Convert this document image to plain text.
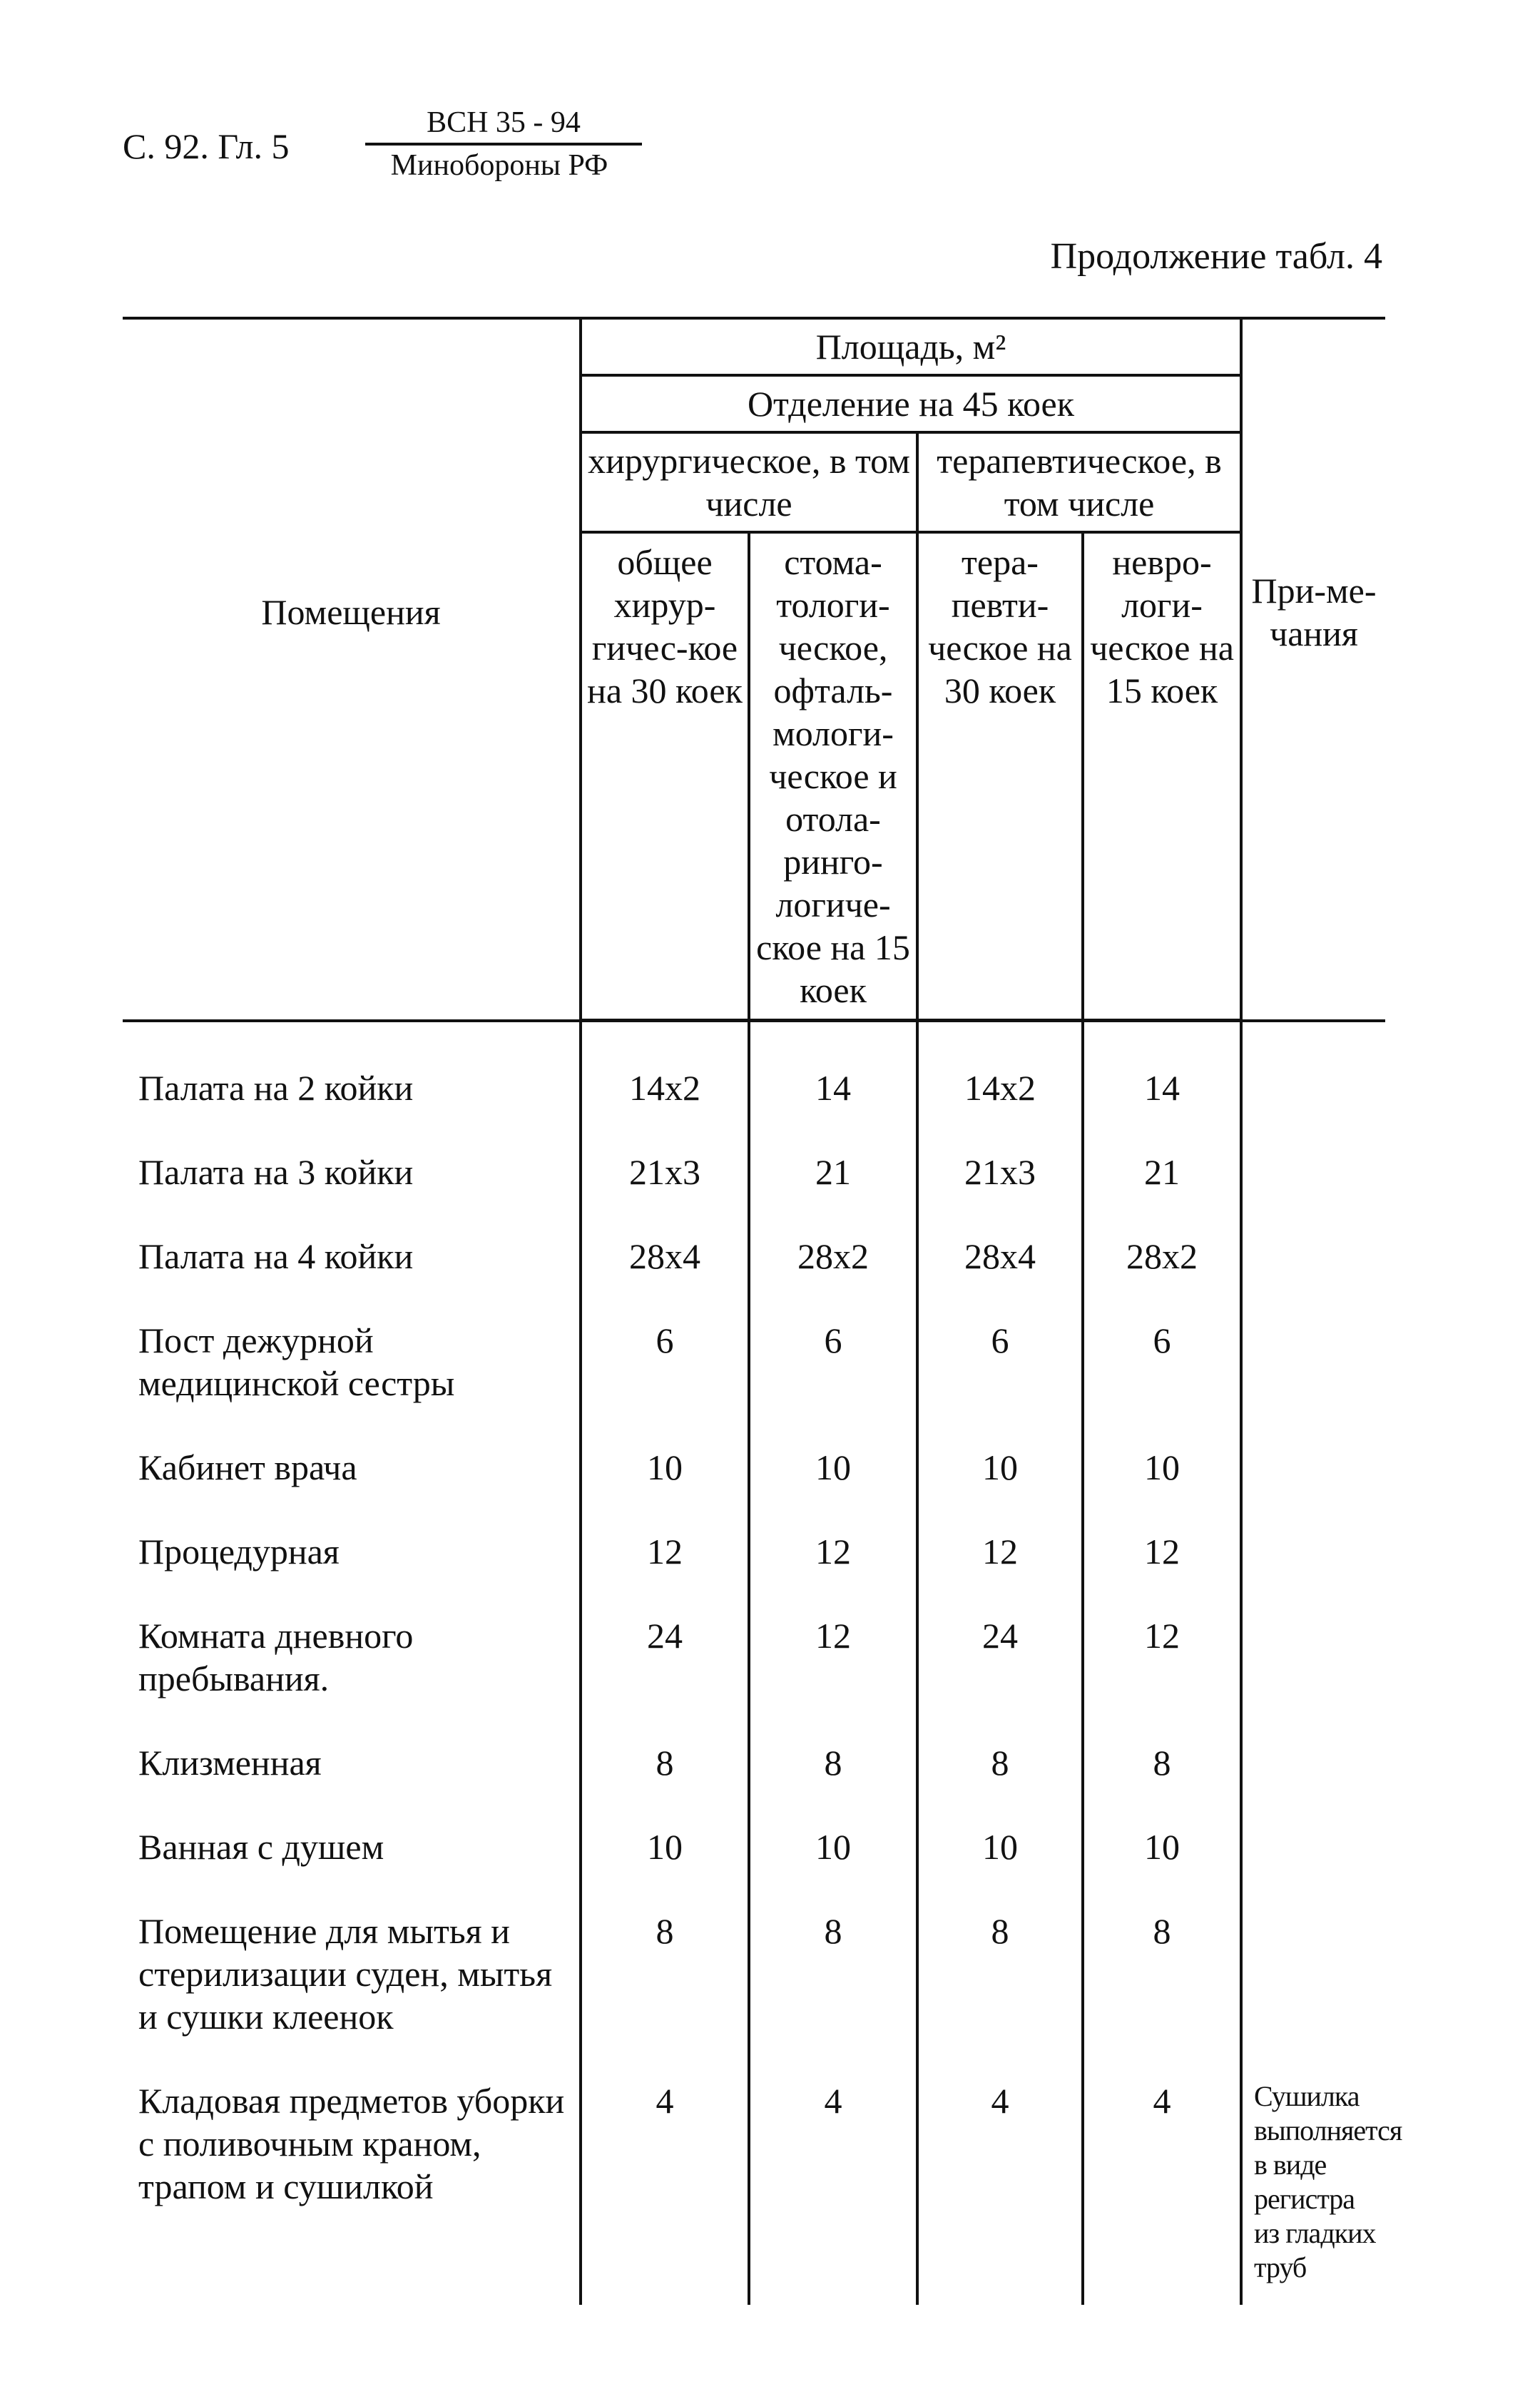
С. 92. Гл. 5
ВСН 35 - 94
Минобороны РФ
Продолжение табл. 4
Помещения	Площадь, м²				При-ме-чания
	Отделение на 45 коек				
	хирургическое, в том числе		терапевтическое, в том числе		
	общее хирур-гичес-кое на 30 коек	стома-тологи-ческое, офталь-мологи-ческое и отола-ринго-логиче-ское на 15 коек	тера-певти-ческое на 30 коек	невро-логи-ческое на 15 коек	
Палата на 2 койки	14x2	14	14x2	14	
Палата на 3 койки	21x3	21	21x3	21	
Палата на 4 койки	28x4	28x2	28x4	28x2	
Пост дежурной медицинской сестры	6	6	6	6	
Кабинет врача	10	10	10	10	
Процедурная	12	12	12	12	
Комната дневного пребывания.	24	12	24	12	
Клизменная	8	8	8	8	
Ванная с душем	10	10	10	10	
Помещение для мытья и стерилизации суден, мытья и сушки клеенок	8	8	8	8	
Кладовая предметов уборки с поливочным краном, трапом и сушилкой	4	4	4	4	Сушилка выполняется в виде регистра из гладких труб
